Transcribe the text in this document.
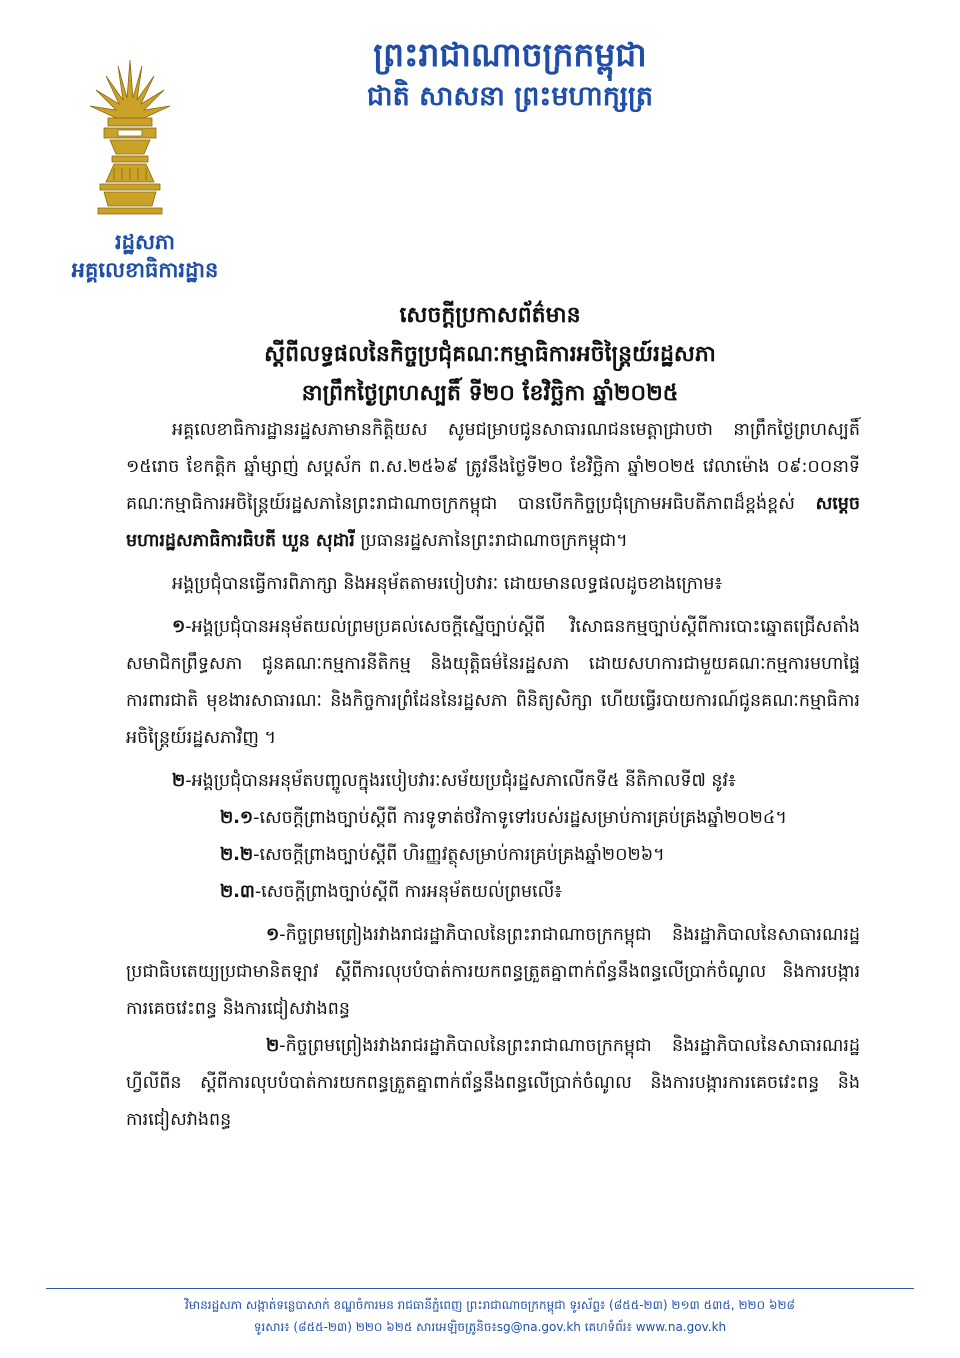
រដ្ឋសភា
អគ្គលេខាធិការដ្ឋាន
ព្រះរាជាណាចក្រកម្ពុជា
ជាតិ សាសនា ព្រះមហាក្សត្រ
សេចក្តីប្រកាសព័ត៌មាន
ស្តីពីលទ្ធផលនៃកិច្ចប្រជុំគណៈកម្មាធិការអចិន្ត្រៃយ៍រដ្ឋសភា
នាព្រឹកថ្ងៃព្រហស្បតិ៍ ទី២០ ខែវិច្ឆិកា ឆ្នាំ២០២៥

អគ្គលេខាធិការដ្ឋានរដ្ឋសភាមានកិត្តិយស សូមជម្រាបជូនសាធារណជនមេត្តាជ្រាបថា នាព្រឹកថ្ងៃព្រហស្បតិ៍ ១៥រោច ខែកត្តិក ឆ្នាំម្សាញ់ សប្តស័ក ព.ស.២៥៦៩ ត្រូវនឹងថ្ងៃទី២០ ខែវិច្ឆិកា ឆ្នាំ២០២៥ វេលាម៉ោង ០៩:០០នាទី គណៈកម្មាធិការអចិន្ត្រៃយ៍រដ្ឋសភានៃព្រះរាជាណាចក្រកម្ពុជា បានបើកកិច្ចប្រជុំក្រោមអធិបតីភាពដ៏ខ្ពង់ខ្ពស់ សម្តេចមហារដ្ឋសភាធិការធិបតី ឃួន សុដារី ប្រធានរដ្ឋសភានៃព្រះរាជាណាចក្រកម្ពុជា។

អង្គប្រជុំបានធ្វើការពិភាក្សា និងអនុម័តតាមរបៀបវារៈ ដោយមានលទ្ធផលដូចខាងក្រោម៖

១-អង្គប្រជុំបានអនុម័តយល់ព្រមប្រគល់សេចក្តីស្នើច្បាប់ស្តីពី វិសោធនកម្មច្បាប់ស្តីពីការបោះឆ្នោតជ្រើសតាំងសមាជិកព្រឹទ្ធសភា ជូនគណៈកម្មការនីតិកម្ម និងយុត្តិធម៌នៃរដ្ឋសភា ដោយសហការជាមួយគណៈកម្មការមហាផ្ទៃ ការពារជាតិ មុខងារសាធារណៈ និងកិច្ចការព្រំដែននៃរដ្ឋសភា ពិនិត្យសិក្សា ហើយធ្វើរបាយការណ៍ជូនគណៈកម្មាធិការអចិន្ត្រៃយ៍រដ្ឋសភាវិញ ។

២-អង្គប្រជុំបានអនុម័តបញ្ចូលក្នុងរបៀបវារៈសម័យប្រជុំរដ្ឋសភាលើកទី៥ នីតិកាលទី៧ នូវ៖

២.១-សេចក្តីព្រាងច្បាប់ស្តីពី ការទូទាត់ថវិកាទូទៅរបស់រដ្ឋសម្រាប់ការគ្រប់គ្រងឆ្នាំ២០២៤។

២.២-សេចក្តីព្រាងច្បាប់ស្តីពី ហិរញ្ញវត្ថុសម្រាប់ការគ្រប់គ្រងឆ្នាំ២០២៦។

២.៣-សេចក្តីព្រាងច្បាប់ស្តីពី ការអនុម័តយល់ព្រមលើ៖

១-កិច្ចព្រមព្រៀងរវាងរាជរដ្ឋាភិបាលនៃព្រះរាជាណាចក្រកម្ពុជា និងរដ្ឋាភិបាលនៃសាធារណរដ្ឋប្រជាធិបតេយ្យប្រជាមានិតឡាវ ស្តីពីការលុបបំបាត់ការយកពន្ធត្រួតគ្នាពាក់ព័ន្ធនឹងពន្ធលើប្រាក់ចំណូល និងការបង្ការការគេចវេះពន្ធ និងការជៀសវាងពន្ធ

២-កិច្ចព្រមព្រៀងរវាងរាជរដ្ឋាភិបាលនៃព្រះរាជាណាចក្រកម្ពុជា និងរដ្ឋាភិបាលនៃសាធារណរដ្ឋហ្វីលីពីន ស្តីពីការលុបបំបាត់ការយកពន្ធត្រួតគ្នាពាក់ព័ន្ធនឹងពន្ធលើប្រាក់ចំណូល និងការបង្ការការគេចវេះពន្ធ និងការជៀសវាងពន្ធ

វិមានរដ្ឋសភា សង្កាត់ទន្លេបាសាក់ ខណ្ឌចំការមន រាជធានីភ្នំពេញ ព្រះរាជាណាចក្រកម្ពុជា ទូរស័ព្ទ៖ (៨៥៥-២៣) ២១៣ ៥៣៥, ២២០ ៦២៨
ទូរសារ៖ (៨៥៥-២៣) ២២០ ៦២៥ សារអេឡិចត្រូនិច៖sg@na.gov.kh គេហទំព័រ៖ www.na.gov.kh
